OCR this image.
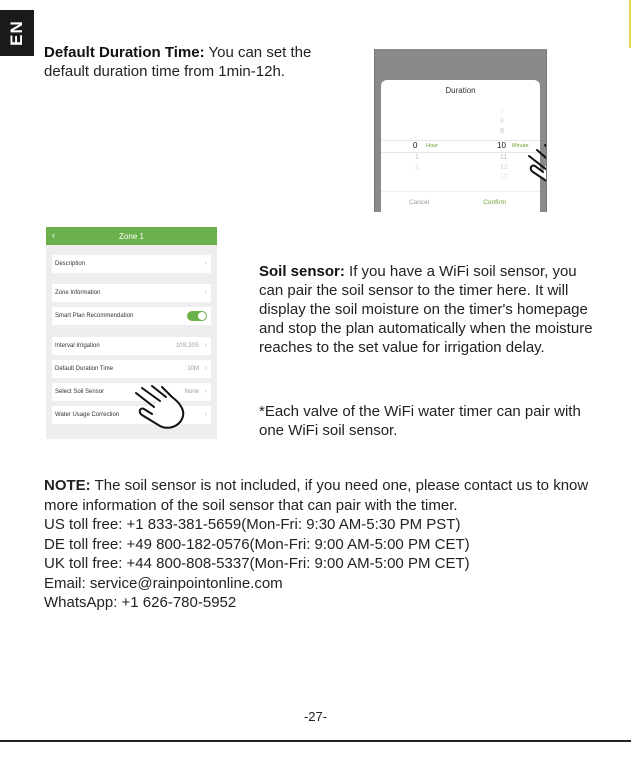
EN
Default Duration Time: You can set the default duration time from 1min-12h.
Duration
7
8
9
0 Hour	10 Minute
1
2
11
12
13
Cancel	Confirm
‹	Zone 1
Description	›
Zone Information	›
Smart Plan Recommendation
Interval Irrigation	10S,30S ›
Default Duration Time	10M ›
Select Soil Sensor	None ›
Water Usage Correction	›
Soil sensor: If you have a WiFi soil sensor, you can pair the soil sensor to the timer here. It will display the soil moisture on the timer's homepage and stop the plan automatically when the moisture reaches to the set value for irrigation delay.
*Each valve of the WiFi water timer can pair with one WiFi soil sensor.
NOTE: The soil sensor is not included, if you need one, please contact us to know more information of the soil sensor that can pair with the timer.
US toll free: +1 833-381-5659(Mon-Fri: 9:30 AM-5:30 PM PST)
DE toll free: +49 800-182-0576(Mon-Fri: 9:00 AM-5:00 PM CET)
UK toll free: +44 800-808-5337(Mon-Fri: 9:00 AM-5:00 PM CET)
Email: service@rainpointonline.com
WhatsApp: +1 626-780-5952
-27-
